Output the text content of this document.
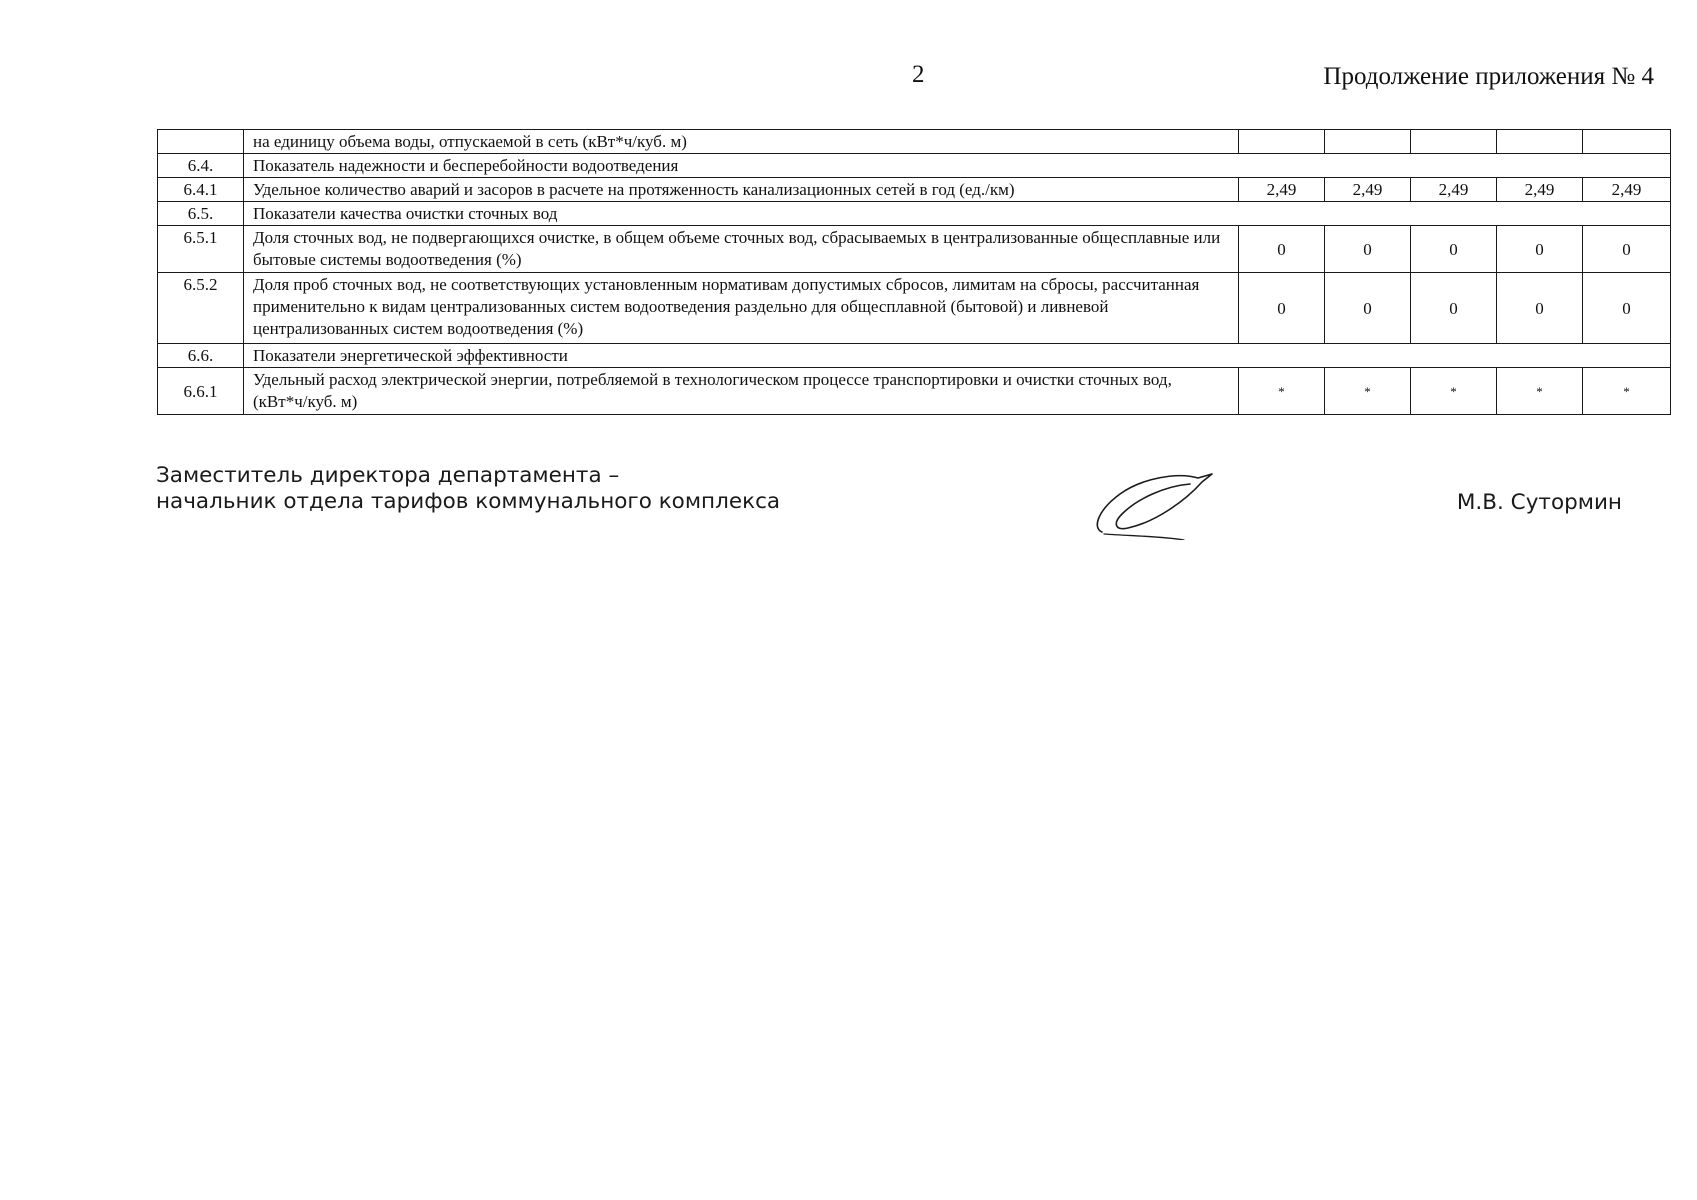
2	Продолжение приложения № 4
	на единицу объема воды, отпускаемой в сеть (кВт*ч/куб. м)					
6.4.	Показатель надежности и бесперебойности водоотведения					
6.4.1	Удельное количество аварий и засоров в расчете на протяженность канализационных сетей в год (ед./км)	2,49	2,49	2,49	2,49	2,49
6.5.	Показатели качества очистки сточных вод					
6.5.1	Доля сточных вод, не подвергающихся очистке, в общем объеме сточных вод, сбрасываемых в централизованные общесплавные или бытовые системы водоотведения (%)	0	0	0	0	0
6.5.2	Доля проб сточных вод, не соответствующих установленным нормативам допустимых сбросов, лимитам на сбросы, рассчитанная применительно к видам централизованных систем водоотведения раздельно для общесплавной (бытовой) и ливневой централизованных систем водоотведения (%)	0	0	0	0	0
6.6.	Показатели энергетической эффективности					
6.6.1	Удельный расход электрической энергии, потребляемой в технологическом процессе транспортировки и очистки сточных вод, (кВт*ч/куб. м)	*	*	*	*	*
Заместитель директора департамента –
начальник отдела тарифов коммунального комплекса	М.В. Сутормин
